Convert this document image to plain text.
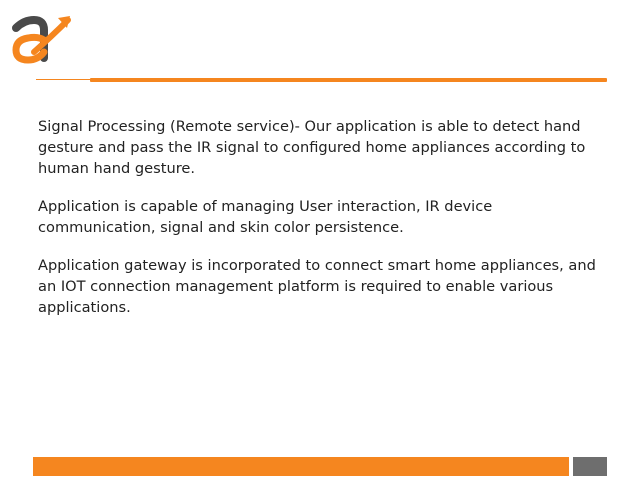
Signal Processing (Remote service)- Our application is able to detect hand gesture and pass the IR signal to configured home appliances according to human hand gesture.

Application is capable of managing User interaction, IR device communication, signal and skin color persistence.

Application gateway is incorporated to connect smart home appliances, and an IOT connection management platform is required to enable various applications.
